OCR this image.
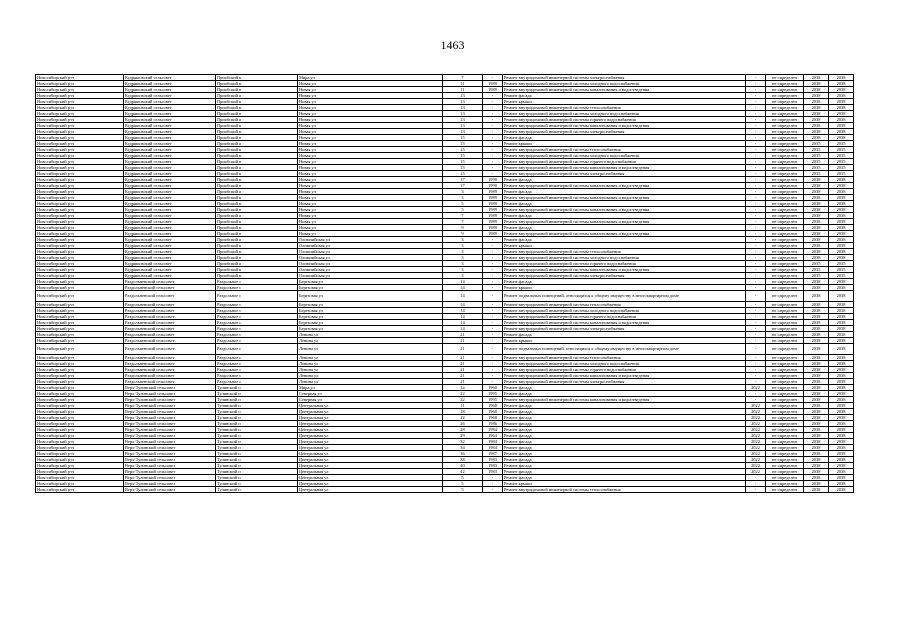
1463
Новосибирский р-н	Кудряшовский сельсовет	Приобский п	Мира ул	7	-	Ремонт внутридомовой инженерной системы электроснабжения	-	не определен	2038	2038
Новосибирский р-н	Кудряшовский сельсовет	Приобский п	Новая ул	11	1989	Ремонт внутридомовой инженерной системы холодного водоснабжения	-	не определен	2038	2038
Новосибирский р-н	Кудряшовский сельсовет	Приобский п	Новая ул	11	1989	Ремонт внутридомовой инженерной системы канализования и водоотведения	-	не определен	2038	2038
Новосибирский р-н	Кудряшовский сельсовет	Приобский п	Новая ул	13	-	Ремонт фасада	-	не определен	2038	2038
Новосибирский р-н	Кудряшовский сельсовет	Приобский п	Новая ул	13	-	Ремонт крыши	-	не определен	2038	2038
Новосибирский р-н	Кудряшовский сельсовет	Приобский п	Новая ул	13	-	Ремонт внутридомовой инженерной системы теплоснабжения	-	не определен	2038	2038
Новосибирский р-н	Кудряшовский сельсовет	Приобский п	Новая ул	13	-	Ремонт внутридомовой инженерной системы холодного водоснабжения	-	не определен	2038	2038
Новосибирский р-н	Кудряшовский сельсовет	Приобский п	Новая ул	13	-	Ремонт внутридомовой инженерной системы горячего водоснабжения	-	не определен	2038	2038
Новосибирский р-н	Кудряшовский сельсовет	Приобский п	Новая ул	13	-	Ремонт внутридомовой инженерной системы канализования и водоотведения	-	не определен	2038	2038
Новосибирский р-н	Кудряшовский сельсовет	Приобский п	Новая ул	13	-	Ремонт внутридомовой инженерной системы электроснабжения	-	не определен	2038	2038
Новосибирский р-н	Кудряшовский сельсовет	Приобский п	Новая ул	15	-	Ремонт фасада	-	не определен	2038	2038
Новосибирский р-н	Кудряшовский сельсовет	Приобский п	Новая ул	15	-	Ремонт крыши	-	не определен	2035	2035
Новосибирский р-н	Кудряшовский сельсовет	Приобский п	Новая ул	15	-	Ремонт внутридомовой инженерной системы теплоснабжения	-	не определен	2035	2035
Новосибирский р-н	Кудряшовский сельсовет	Приобский п	Новая ул	15	-	Ремонт внутридомовой инженерной системы холодного водоснабжения	-	не определен	2035	2035
Новосибирский р-н	Кудряшовский сельсовет	Приобский п	Новая ул	15	-	Ремонт внутридомовой инженерной системы горячего водоснабжения	-	не определен	2035	2035
Новосибирский р-н	Кудряшовский сельсовет	Приобский п	Новая ул	15	-	Ремонт внутридомовой инженерной системы канализования и водоотведения	-	не определен	2035	2035
Новосибирский р-н	Кудряшовский сельсовет	Приобский п	Новая ул	15	-	Ремонт внутридомовой инженерной системы электроснабжения	-	не определен	2035	2035
Новосибирский р-н	Кудряшовский сельсовет	Приобский п	Новая ул	17	1990	Ремонт фасада	-	не определен	2038	2038
Новосибирский р-н	Кудряшовский сельсовет	Приобский п	Новая ул	17	1990	Ремонт внутридомовой инженерной системы канализования и водоотведения	-	не определен	2038	2038
Новосибирский р-н	Кудряшовский сельсовет	Приобский п	Новая ул	3	1989	Ремонт фасада	-	не определен	2038	2038
Новосибирский р-н	Кудряшовский сельсовет	Приобский п	Новая ул	3	1989	Ремонт внутридомовой инженерной системы канализования и водоотведения	-	не определен	2038	2038
Новосибирский р-н	Кудряшовский сельсовет	Приобский п	Новая ул	5	1989	Ремонт фасада	-	не определен	2038	2038
Новосибирский р-н	Кудряшовский сельсовет	Приобский п	Новая ул	5	1989	Ремонт внутридомовой инженерной системы канализования и водоотведения	-	не определен	2038	2038
Новосибирский р-н	Кудряшовский сельсовет	Приобский п	Новая ул	7	1989	Ремонт фасада	-	не определен	2038	2038
Новосибирский р-н	Кудряшовский сельсовет	Приобский п	Новая ул	7	1989	Ремонт внутридомовой инженерной системы канализования и водоотведения	-	не определен	2038	2038
Новосибирский р-н	Кудряшовский сельсовет	Приобский п	Новая ул	9	1989	Ремонт фасада	-	не определен	2038	2038
Новосибирский р-н	Кудряшовский сельсовет	Приобский п	Новая ул	9	1989	Ремонт внутридомовой инженерной системы канализования и водоотведения	-	не определен	2038	2038
Новосибирский р-н	Кудряшовский сельсовет	Приобский п	Олимпийская ул	3	-	Ремонт фасада	-	не определен	2038	2038
Новосибирский р-н	Кудряшовский сельсовет	Приобский п	Олимпийская ул	3	-	Ремонт крыши	-	не определен	2038	2038
Новосибирский р-н	Кудряшовский сельсовет	Приобский п	Олимпийская ул	3	-	Ремонт внутридомовой инженерной системы теплоснабжения	-	не определен	2038	2038
Новосибирский р-н	Кудряшовский сельсовет	Приобский п	Олимпийская ул	3	-	Ремонт внутридомовой инженерной системы холодного водоснабжения	-	не определен	2038	2038
Новосибирский р-н	Кудряшовский сельсовет	Приобский п	Олимпийская ул	3	-	Ремонт внутридомовой инженерной системы горячего водоснабжения	-	не определен	2035	2035
Новосибирский р-н	Кудряшовский сельсовет	Приобский п	Олимпийская ул	3	-	Ремонт внутридомовой инженерной системы канализования и водоотведения	-	не определен	2035	2035
Новосибирский р-н	Кудряшовский сельсовет	Приобский п	Олимпийская ул	3	-	Ремонт внутридомовой инженерной системы электроснабжения	-	не определен	2035	2035
Новосибирский р-н	Раздольненский сельсовет	Раздольное с	Березовая ул	14	-	Ремонт фасада	-	не определен	2038	2038
Новосибирский р-н	Раздольненский сельсовет	Раздольное с	Березовая ул	14	-	Ремонт крыши	-	не определен	2038	2038
Новосибирский р-н	Раздольненский сельсовет	Раздольное с	Березовая ул	14	-	Ремонт подвальных помещений, относящихся к общему имуществу в многоквартирном доме	-	не определен	2038	2038
Новосибирский р-н	Раздольненский сельсовет	Раздольное с	Березовая ул	14	-	Ремонт внутридомовой инженерной системы теплоснабжения	-	не определен	2038	2038
Новосибирский р-н	Раздольненский сельсовет	Раздольное с	Березовая ул	14	-	Ремонт внутридомовой инженерной системы холодного водоснабжения	-	не определен	2038	2038
Новосибирский р-н	Раздольненский сельсовет	Раздольное с	Березовая ул	14	-	Ремонт внутридомовой инженерной системы горячего водоснабжения	-	не определен	2038	2038
Новосибирский р-н	Раздольненский сельсовет	Раздольное с	Березовая ул	14	-	Ремонт внутридомовой инженерной системы канализования и водоотведения	-	не определен	2038	2038
Новосибирский р-н	Раздольненский сельсовет	Раздольное с	Березовая ул	14	-	Ремонт внутридомовой инженерной системы электроснабжения	-	не определен	2038	2038
Новосибирский р-н	Раздольненский сельсовет	Раздольное с	Ленина ул	21	-	Ремонт фасада	-	не определен	2038	2038
Новосибирский р-н	Раздольненский сельсовет	Раздольное с	Ленина ул	21	-	Ремонт крыши	-	не определен	2038	2038
Новосибирский р-н	Раздольненский сельсовет	Раздольное с	Ленина ул	21	-	Ремонт подвальных помещений, относящихся к общему имуществу в многоквартирном доме	-	не определен	2038	2038
Новосибирский р-н	Раздольненский сельсовет	Раздольное с	Ленина ул	21	-	Ремонт внутридомовой инженерной системы теплоснабжения	-	не определен	2038	2038
Новосибирский р-н	Раздольненский сельсовет	Раздольное с	Ленина ул	21	-	Ремонт внутридомовой инженерной системы холодного водоснабжения	-	не определен	2038	2038
Новосибирский р-н	Раздольненский сельсовет	Раздольное с	Ленина ул	21	-	Ремонт внутридомовой инженерной системы горячего водоснабжения	-	не определен	2038	2038
Новосибирский р-н	Раздольненский сельсовет	Раздольное с	Ленина ул	21	-	Ремонт внутридомовой инженерной системы канализования и водоотведения	-	не определен	2038	2038
Новосибирский р-н	Раздольненский сельсовет	Раздольное с	Ленина ул	21	-	Ремонт внутридомовой инженерной системы электроснабжения	-	не определен	2038	2038
Новосибирский р-н	Верх-Тулинский сельсовет	Тулинский п	Мира ул	1a	1960	Ремонт фасада	2022	не определен	2038	2038
Новосибирский р-н	Верх-Тулинский сельсовет	Тулинский п	Северная ул	22	1995	Ремонт фасада	-	не определен	2038	2038
Новосибирский р-н	Верх-Тулинский сельсовет	Тулинский п	Северная ул	22	1995	Ремонт внутридомовой инженерной системы канализования и водоотведения	-	не определен	2038	2038
Новосибирский р-н	Верх-Тулинский сельсовет	Тулинский п	Центральная ул	11	1968	Ремонт фасада	2022	не определен	2038	2038
Новосибирский р-н	Верх-Тулинский сельсовет	Тулинский п	Центральная ул	18	1968	Ремонт фасада	2022	не определен	2038	2038
Новосибирский р-н	Верх-Тулинский сельсовет	Тулинский п	Центральная ул	22	1968	Ремонт фасада	2022	не определен	2038	2038
Новосибирский р-н	Верх-Тулинский сельсовет	Тулинский п	Центральная ул	26	1986	Ремонт фасада	2022	не определен	2038	2038
Новосибирский р-н	Верх-Тулинский сельсовет	Тулинский п	Центральная ул	28	1984	Ремонт фасада	2022	не определен	2038	2038
Новосибирский р-н	Верх-Тулинский сельсовет	Тулинский п	Центральная ул	29	1964	Ремонт фасада	2022	не определен	2038	2038
Новосибирский р-н	Верх-Тулинский сельсовет	Тулинский п	Центральная ул	32	1984	Ремонт фасада	2022	не определен	2038	2038
Новосибирский р-н	Верх-Тулинский сельсовет	Тулинский п	Центральная ул	34	1984	Ремонт фасада	2022	не определен	2038	2038
Новосибирский р-н	Верх-Тулинский сельсовет	Тулинский п	Центральная ул	36	1987	Ремонт фасада	2022	не определен	2038	2038
Новосибирский р-н	Верх-Тулинский сельсовет	Тулинский п	Центральная ул	38	1983	Ремонт фасада	2022	не определен	2038	2038
Новосибирский р-н	Верх-Тулинский сельсовет	Тулинский п	Центральная ул	40	1983	Ремонт фасада	2022	не определен	2038	2038
Новосибирский р-н	Верх-Тулинский сельсовет	Тулинский п	Центральная ул	42	1983	Ремонт фасада	2022	не определен	2038	2038
Новосибирский р-н	Верх-Тулинский сельсовет	Тулинский п	Центральная ул	5	-	Ремонт фасада	-	не определен	2038	2038
Новосибирский р-н	Верх-Тулинский сельсовет	Тулинский п	Центральная ул	5	-	Ремонт крыши	-	не определен	2038	2038
Новосибирский р-н	Верх-Тулинский сельсовет	Тулинский п	Центральная ул	5	-	Ремонт внутридомовой инженерной системы теплоснабжения	-	не определен	2038	2038
